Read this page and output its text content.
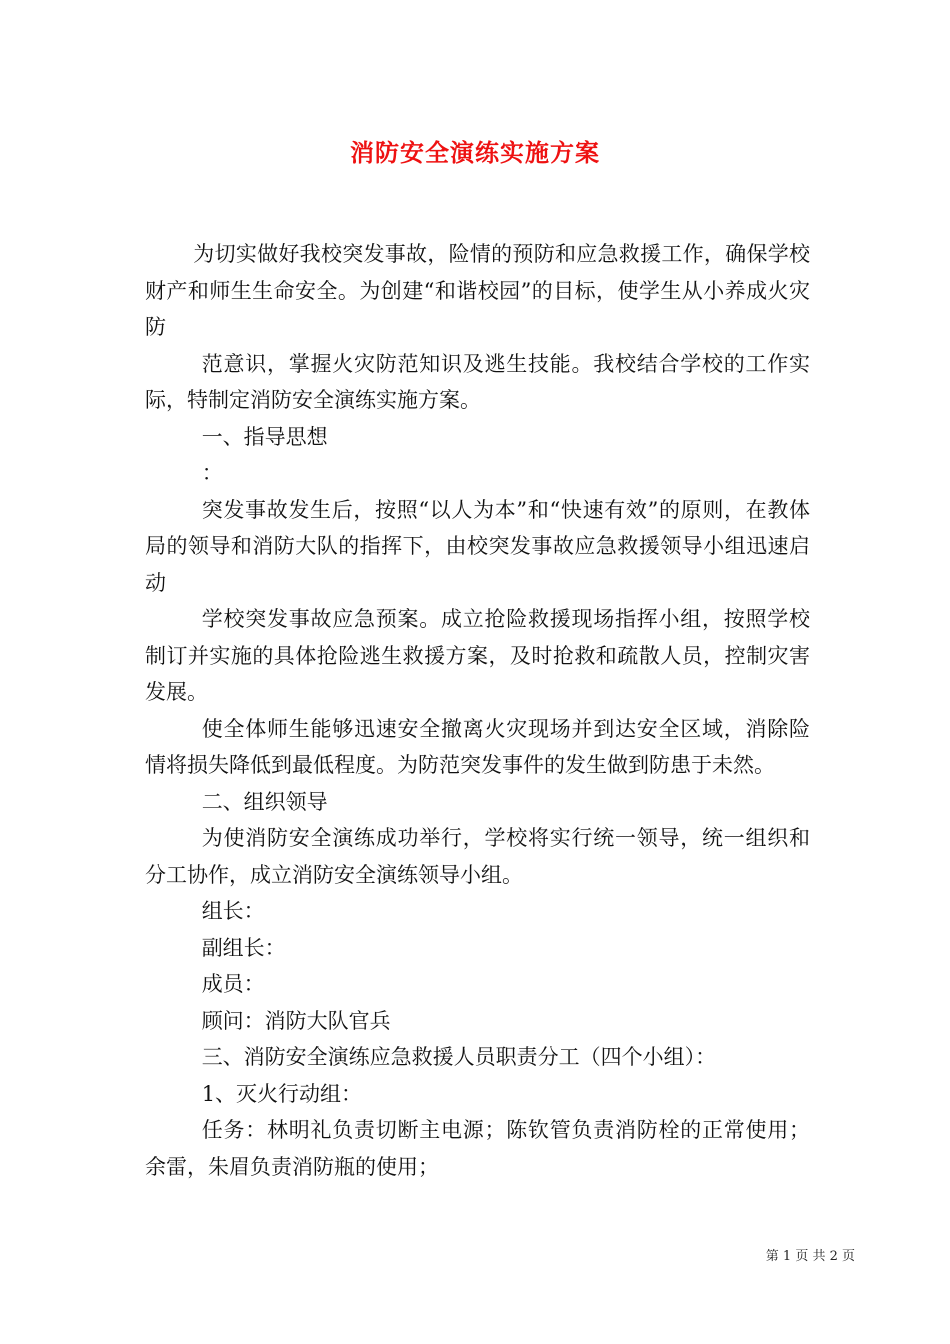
消防安全演练实施方案

为切实做好我校突发事故，险情的预防和应急救援工作，确保学校财产和师生生命安全。为创建“和谐校园”的目标，使学生从小养成火灾防

范意识，掌握火灾防范知识及逃生技能。我校结合学校的工作实际，特制定消防安全演练实施方案。

一、指导思想

：

突发事故发生后，按照“以人为本”和“快速有效”的原则，在教体局的领导和消防大队的指挥下，由校突发事故应急救援领导小组迅速启动

学校突发事故应急预案。成立抢险救援现场指挥小组，按照学校制订并实施的具体抢险逃生救援方案，及时抢救和疏散人员，控制灾害发展。

使全体师生能够迅速安全撤离火灾现场并到达安全区域，消除险情将损失降低到最低程度。为防范突发事件的发生做到防患于未然。

二、组织领导

为使消防安全演练成功举行，学校将实行统一领导，统一组织和分工协作，成立消防安全演练领导小组。

组长：

副组长：

成员：

顾问：消防大队官兵

三、消防安全演练应急救援人员职责分工（四个小组）：

1、灭火行动组：

任务：林明礼负责切断主电源；陈钦管负责消防栓的正常使用；余雷，朱眉负责消防瓶的使用；

第 1 页 共 2 页
